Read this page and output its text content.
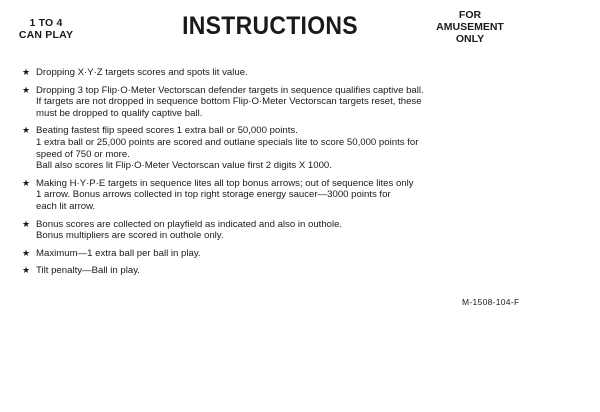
1 TO 4
CAN PLAY	INSTRUCTIONS	FOR
AMUSEMENT
ONLY
★ Dropping X·Y·Z targets scores and spots lit value.
★ Dropping 3 top Flip·O·Meter Vectorscan defender targets in sequence qualifies captive ball.
If targets are not dropped in sequence bottom Flip·O·Meter Vectorscan targets reset, these
must be dropped to qualify captive ball.
★ Beating fastest flip speed scores 1 extra ball or 50,000 points.
1 extra ball or 25,000 points are scored and outlane specials lite to score 50,000 points for
speed of 750 or more.
Ball also scores lit Flip·O·Meter Vectorscan value first 2 digits X 1000.
★ Making H·Y·P·E targets in sequence lites all top bonus arrows; out of sequence lites only
1 arrow. Bonus arrows collected in top right storage energy saucer—3000 points for
each lit arrow.
★ Bonus scores are collected on playfield as indicated and also in outhole.
Bonus multipliers are scored in outhole only.
★ Maximum—1 extra ball per ball in play.
★ Tilt penalty—Ball in play.
M-1508-104-F
